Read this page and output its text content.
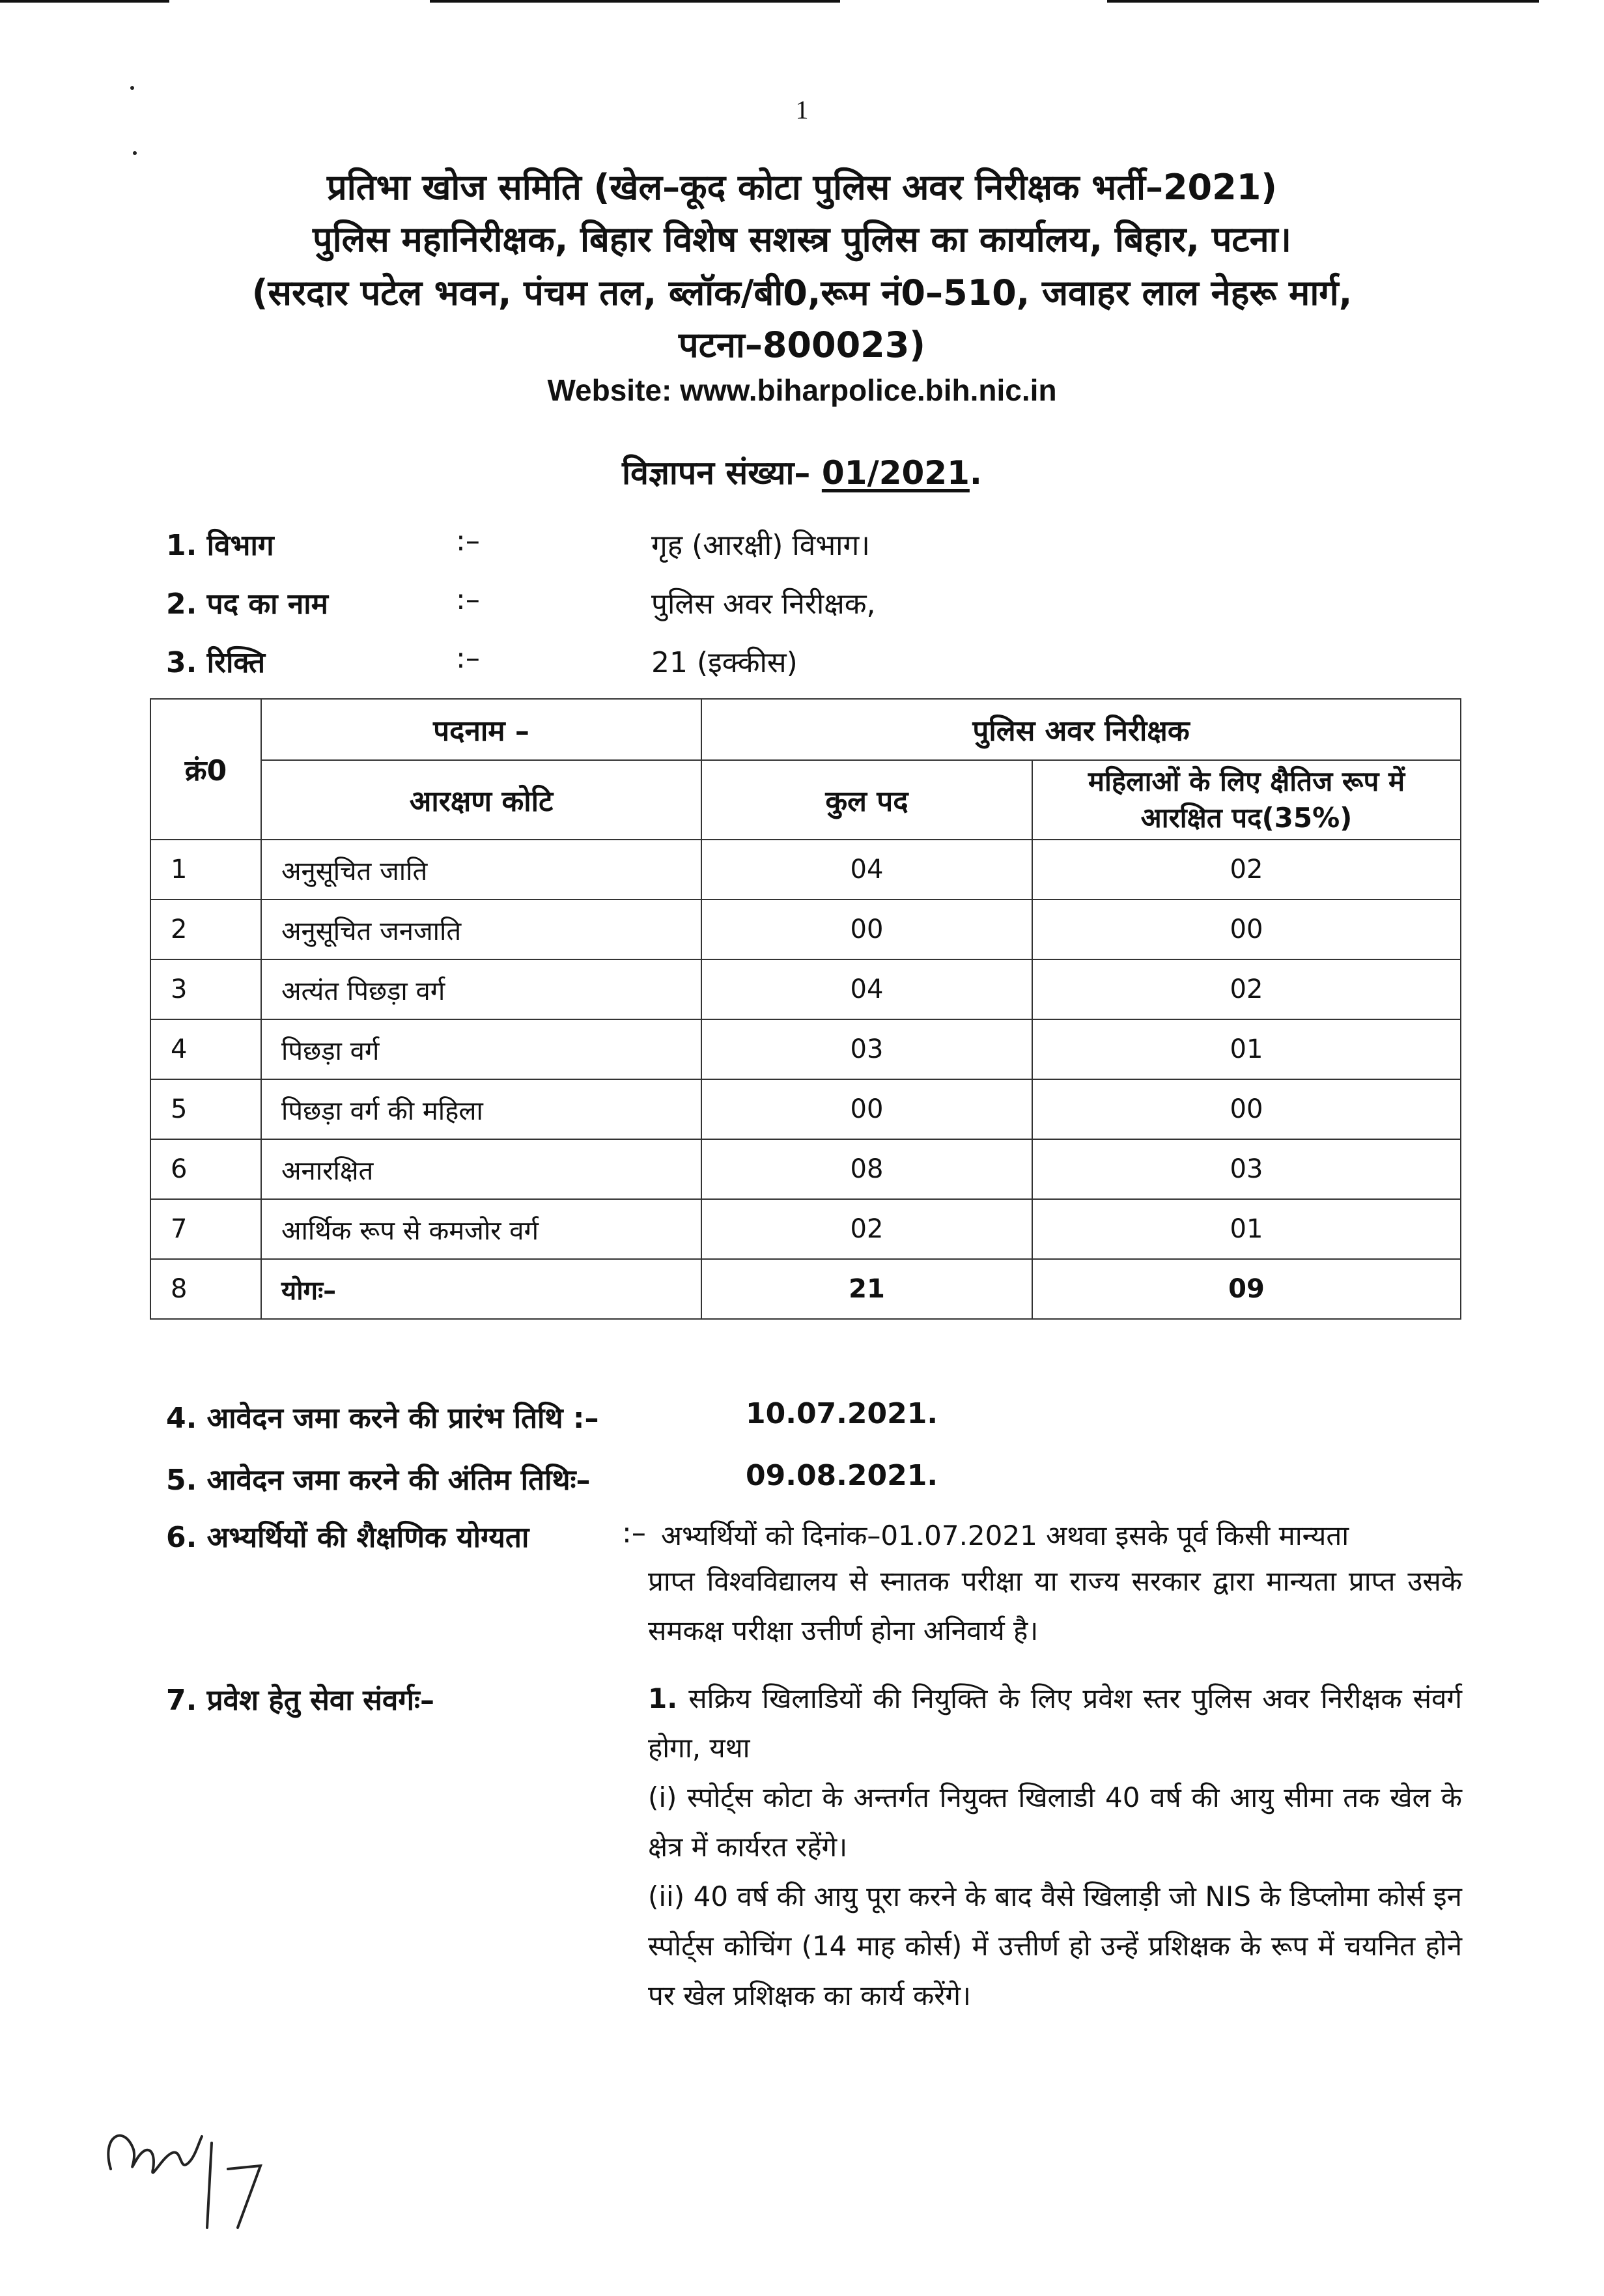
1
प्रतिभा खोज समिति (खेल–कूद कोटा पुलिस अवर निरीक्षक भर्ती–2021)
पुलिस महानिरीक्षक, बिहार विशेष सशस्त्र पुलिस का कार्यालय, बिहार, पटना।
(सरदार पटेल भवन, पंचम तल, ब्लॉक/बी0,रूम नं0–510, जवाहर लाल नेहरू मार्ग,
पटना–800023)
Website: www.biharpolice.bih.nic.in
विज्ञापन संख्या– 01/2021.
1. विभाग	:–	गृह (आरक्षी) विभाग।
2. पद का नाम	:–	पुलिस अवर निरीक्षक,
3. रिक्ति	:–	21 (इक्कीस)
क्रं0	पदनाम –	पुलिस अवर निरीक्षक	
	आरक्षण कोटि	कुल पद	महिलाओं के लिए क्षैतिज रूप में आरक्षित पद(35%)
1	अनुसूचित जाति	04	02
2	अनुसूचित जनजाति	00	00
3	अत्यंत पिछड़ा वर्ग	04	02
4	पिछड़ा वर्ग	03	01
5	पिछड़ा वर्ग की महिला	00	00
6	अनारक्षित	08	03
7	आर्थिक रूप से कमजोर वर्ग	02	01
8	योगः–	21	09
4. आवेदन जमा करने की प्रारंभ तिथि :–	10.07.2021.
5. आवेदन जमा करने की अंतिम तिथिः–	09.08.2021.
6. अभ्यर्थियों की शैक्षणिक योग्यता	:– अभ्यर्थियों को दिनांक–01.07.2021 अथवा इसके पूर्व किसी मान्यता
प्राप्त विश्वविद्यालय से स्नातक परीक्षा या राज्य सरकार द्वारा मान्यता प्राप्त उसके समकक्ष परीक्षा उत्तीर्ण होना अनिवार्य है।
7. प्रवेश हेतु सेवा संवर्गः–	1. सक्रिय खिलाडियों की नियुक्ति के लिए प्रवेश स्तर पुलिस अवर निरीक्षक संवर्ग होगा, यथा
(i) स्पोर्ट्स कोटा के अन्तर्गत नियुक्त खिलाडी 40 वर्ष की आयु सीमा तक खेल के क्षेत्र में कार्यरत रहेंगे।
(ii) 40 वर्ष की आयु पूरा करने के बाद वैसे खिलाड़ी जो NIS के डिप्लोमा कोर्स इन स्पोर्ट्स कोचिंग (14 माह कोर्स) में उत्तीर्ण हो उन्हें प्रशिक्षक के रूप में चयनित होने पर खेल प्रशिक्षक का कार्य करेंगे।
